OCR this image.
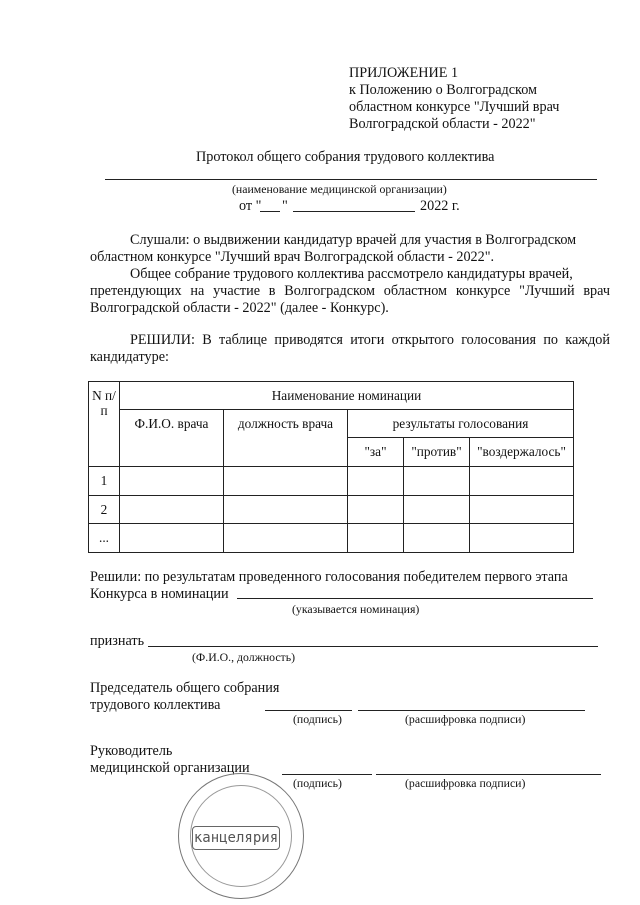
ПРИЛОЖЕНИЕ 1
к Положению о Волгоградском
областном конкурсе "Лучший врач
Волгоградской области - 2022"
Протокол общего собрания трудового коллектива
(наименование медицинской организации)
от " "	2022 г.
Слушали: о выдвижении кандидатур врачей для участия в Волгоградском
областном конкурсе "Лучший врач Волгоградской области - 2022".
Общее собрание трудового коллектива рассмотрело кандидатуры врачей,
претендующих на участие в Волгоградском областном конкурсе "Лучший врач
Волгоградской области - 2022" (далее - Конкурс).
РЕШИЛИ: В таблице приводятся итоги открытого голосования по каждой
кандидатуре:
N п/п	Наименование номинации				
	Ф.И.О. врача	должность врача	результаты голосования		
			"за"	"против"	"воздержалось"
1					
2					
...					
Решили: по результатам проведенного голосования победителем первого этапа
Конкурса в номинации
(указывается номинация)
признать
(Ф.И.О., должность)
Председатель общего собрания
трудового коллектива
(подпись)	(расшифровка подписи)
Руководитель
медицинской организации
(подпись)	(расшифровка подписи)
канцелярия
